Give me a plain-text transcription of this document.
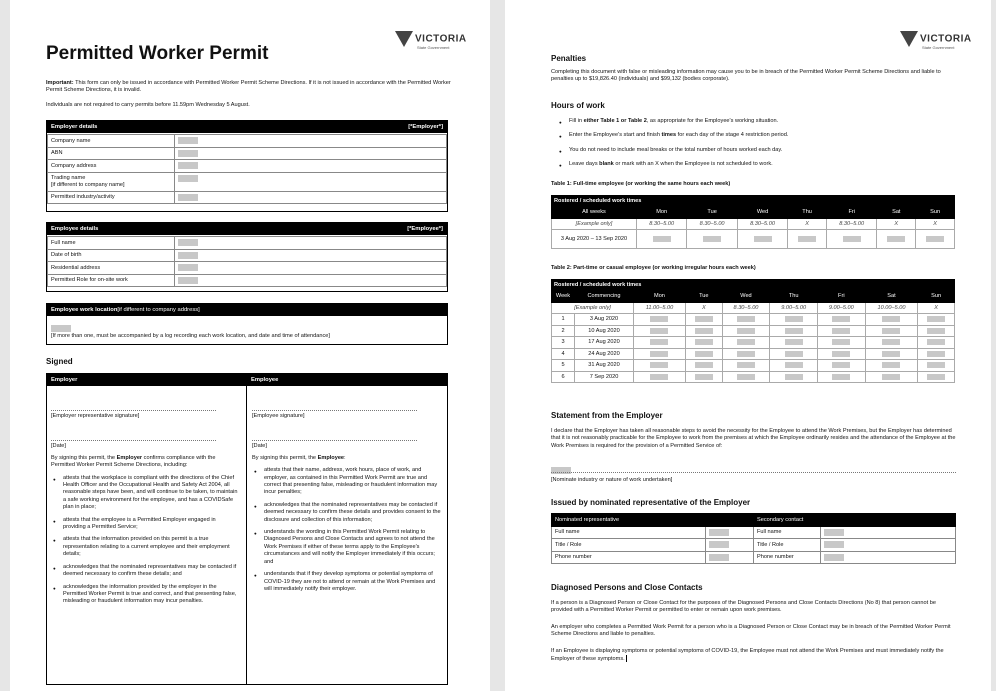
VICTORIA
State Government
Permitted Worker Permit
Important: This form can only be issued in accordance with Permitted Worker Permit Scheme Directions. If it is not issued in accordance with the Permitted Worker Permit Scheme Directions, it is invalid.
Individuals are not required to carry permits before 11.59pm Wednesday 5 August.
Employer details	[*Employer*]
Company name	
ABN	
Company address	
Trading name
[if different to company name]	
Permitted industry/activity	
Employee details	[*Employee*]
Full name	
Date of birth	
Residential address	
Permitted Role for on-site work	
Employee work location [if different to company address]
[If more than one, must be accompanied by a log recording each work location, and date and time of attendance]
Signed
Employer	Employee
[Employer representative signature]
[Date]
By signing this permit, the Employer confirms compliance with the Permitted Worker Permit Scheme Directions, including:
● attests that the workplace is compliant with the directions of the Chief Health Officer and the Occupational Health and Safety Act 2004, all reasonable steps have been, and will continue to be taken, to maintain a safe working environment for the employee, and has a COVIDSafe plan in place;
● attests that the employee is a Permitted Employer engaged in providing a Permitted Service;
● attests that the information provided on this permit is a true representation relating to a current employee and their employment details;
● acknowledges that the nominated representatives may be contacted if deemed necessary to confirm these details; and
● acknowledges the information provided by the employer in the Permitted Worker Permit is true and correct, and that presenting false, misleading or fraudulent information may incur penalties.
[Employee signature]
[Date]
By signing this permit, the Employee:
● attests that their name, address, work hours, place of work, and employer, as contained in this Permitted Work Permit are true and correct that presenting false, misleading or fraudulent information may incur penalties;
● acknowledges that the nominated representatives may be contacted if deemed necessary to confirm these details and provides consent to the disclosure and collection of this information;
● understands the wording in this Permitted Work Permit relating to Diagnosed Persons and Close Contacts and agrees to not attend the Work Premises if either of these terms apply to the Employee's circumstances and will notify the Employer immediately if this occurs; and
● understands that if they develop symptoms or potential symptoms of COVID-19 they are not to attend or remain at the Work Premises and will immediately notify their employer.
VICTORIA
State Government
Penalties
Completing this document with false or misleading information may cause you to be in breach of the Permitted Worker Permit Scheme Directions and liable to penalties up to $19,826.40 (individuals) and $99,132 (bodies corporate).
Hours of work
● Fill in either Table 1 or Table 2, as appropriate for the Employee's working situation.
● Enter the Employee's start and finish times for each day of the stage 4 restriction period.
● You do not need to include meal breaks or the total number of hours worked each day.
● Leave days blank or mark with an X when the Employee is not scheduled to work.
Table 1: Full-time employee (or working the same hours each week)
Rostered / scheduled work times							
All weeks	Mon	Tue	Wed	Thu	Fri	Sat	Sun
[Example only]	8.30–5.00	8.30–5.00	8.30–5.00	X	8.30–5.00	X	X
3 Aug 2020 – 13 Sep 2020							
Table 2: Part-time or casual employee (or working irregular hours each week)
Rostered / scheduled work times								
Week	Commencing	Mon	Tue	Wed	Thu	Fri	Sat	Sun
[Example only]		11.00–5.00	X	8.30–5.00	9.00–5.00	9.00–5.00	10.00–5.00	X
1	3 Aug 2020							
2	10 Aug 2020							
3	17 Aug 2020							
4	24 Aug 2020							
5	31 Aug 2020							
6	7 Sep 2020							
Statement from the Employer
I declare that the Employer has taken all reasonable steps to avoid the necessity for the Employee to attend the Work Premises, but the Employer has determined that it is not reasonably practicable for the Employee to work from the premises at which the Employee ordinarily resides and the attendance of the Employee at the Work Premises is required for the provision of a Permitted Service of:
[Nominate industry or nature of work undertaken]
Issued by nominated representative of the Employer
Nominated representative		Secondary contact	
Full name		Full name	
Title / Role		Title / Role	
Phone number		Phone number	
Diagnosed Persons and Close Contacts
If a person is a Diagnosed Person or Close Contact for the purposes of the Diagnosed Persons and Close Contacts Directions (No 8) that person cannot be provided with a Permitted Worker Permit or permitted to enter or remain upon work premises.
An employer who completes a Permitted Work Permit for a person who is a Diagnosed Person or Close Contact may be in breach of the Permitted Worker Permit Scheme Directions and liable to penalties.
If an Employee is displaying symptoms or potential symptoms of COVID-19, the Employee must not attend the Work Premises and must immediately notify the Employer of these symptoms.
